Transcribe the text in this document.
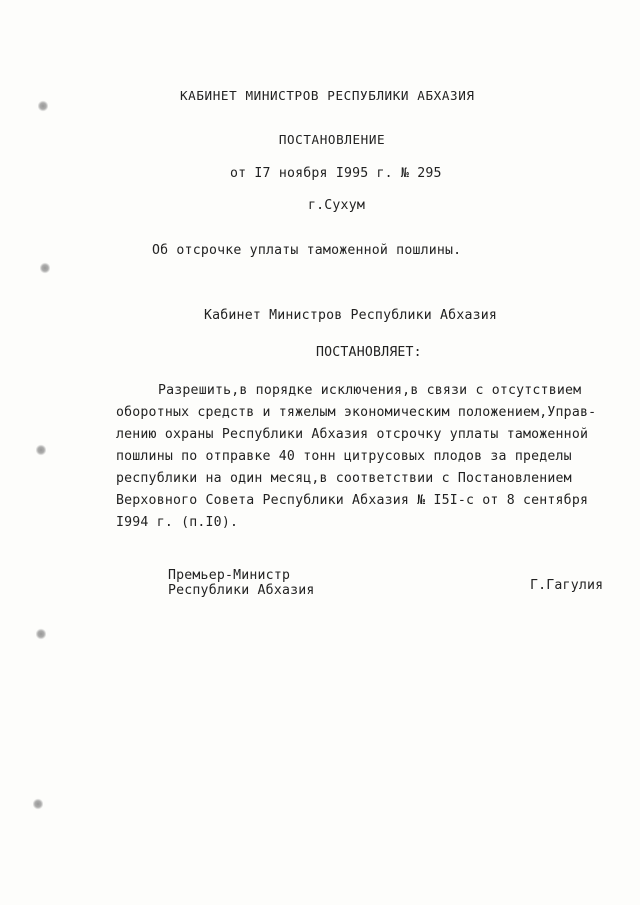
КАБИНЕТ МИНИСТРОВ РЕСПУБЛИКИ АБХАЗИЯ
ПОСТАНОВЛЕНИЕ
от I7 ноября I995 г. № 295
г.Сухум
Об отсрочке уплаты таможенной пошлины.
Кабинет Министров Республики Абхазия
ПОСТАНОВЛЯЕТ:
Разрешить,в порядке исключения,в связи с отсутствием
оборотных средств и тяжелым экономическим положением,Управ-
лению охраны Республики Абхазия отсрочку уплаты таможенной
пошлины по отправке 40 тонн цитрусовых плодов за пределы
республики на один месяц,в соответствии с Постановлением
Верховного Совета Республики Абхазия № I5I-с от 8 сентября
I994 г. (п.I0).
Премьер-Министр
Республики Абхазия	Г.Гагулия
